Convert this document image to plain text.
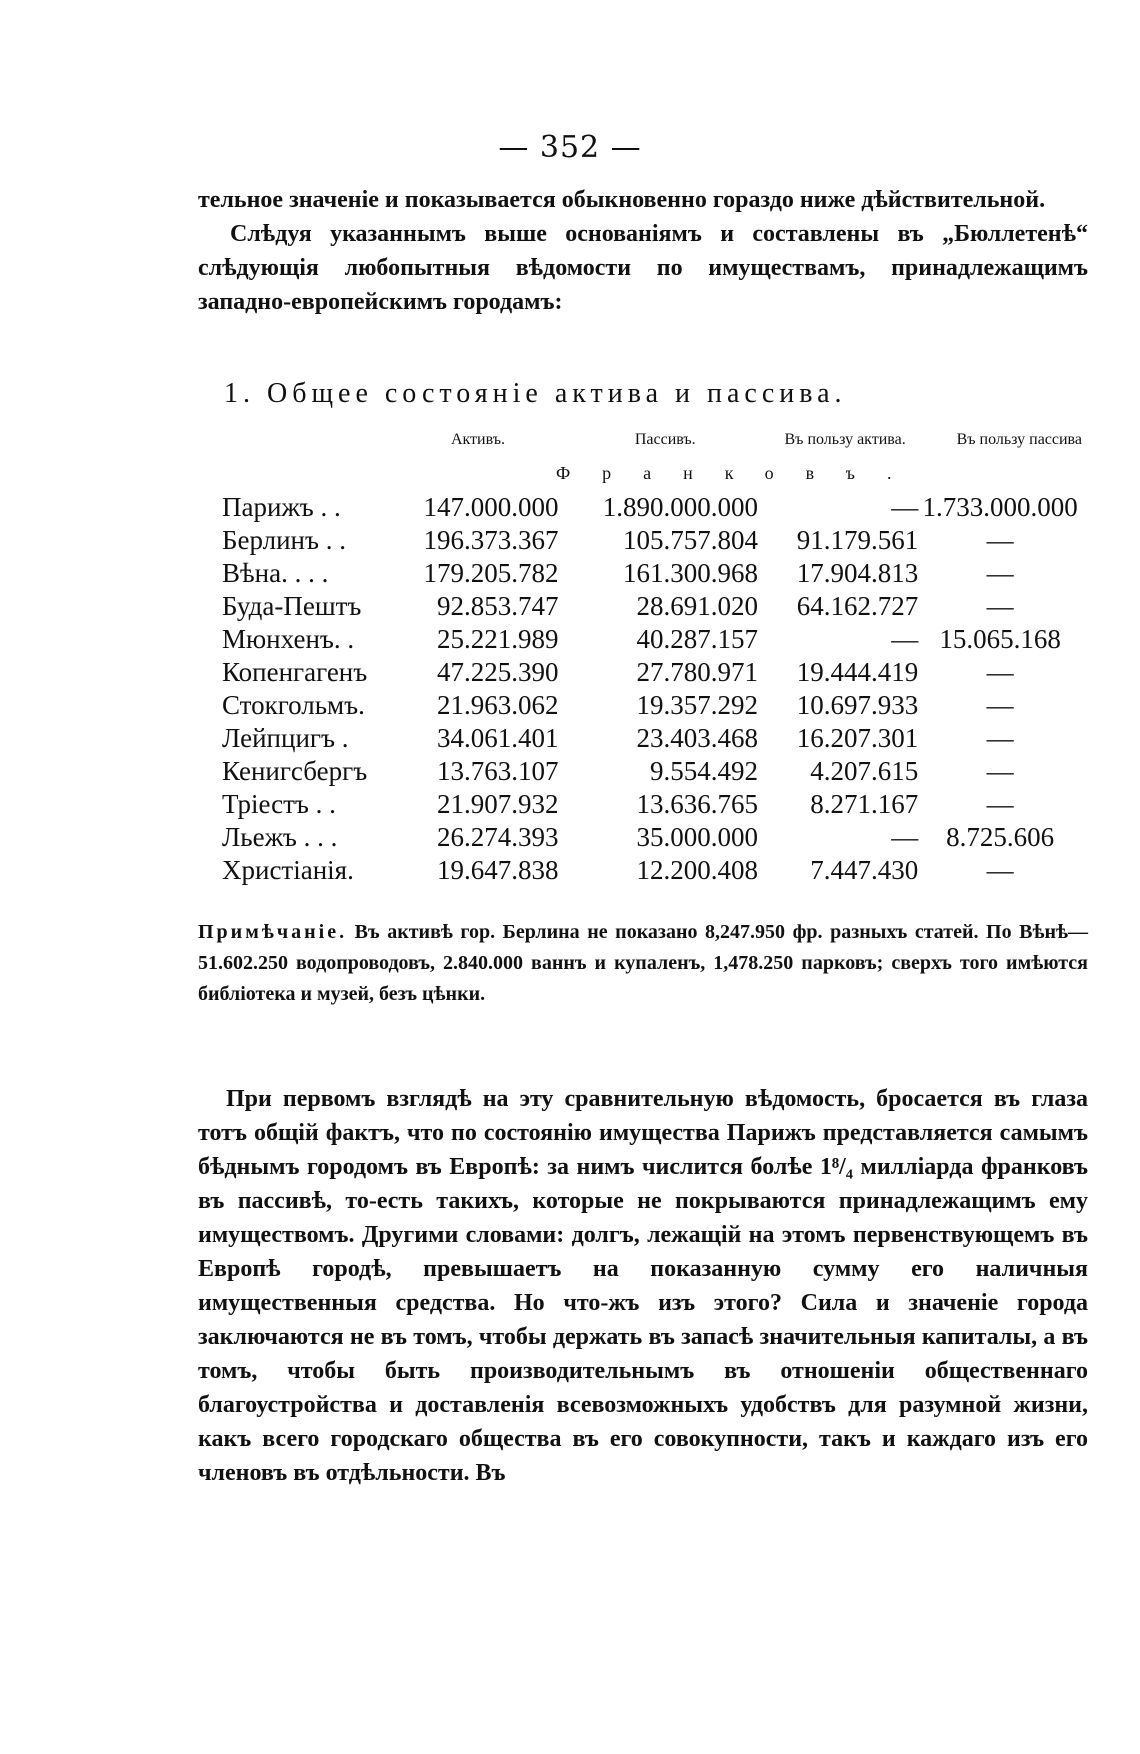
— 352 —

тельное значеніе и показывается обыкновенно гораздо ниже дѣйствительной.

Слѣдуя указаннымъ выше основаніямъ и составлены въ „Бюллетенѣ“ слѣдующія любопытныя вѣдомости по имуществамъ, принадлежащимъ западно-европейскимъ городамъ:

1. Общее состояніе актива и пассива.
	Активъ.	Пассивъ.	Въ пользу актива.	Въ пользу пассива
	Франковъ.			
Парижъ . .	147.000.000	1.890.000.000	—	1.733.000.000
Берлинъ . .	196.373.367	105.757.804	91.179.561	—
Вѣна. . . .	179.205.782	161.300.968	17.904.813	—
Буда-Пештъ	92.853.747	28.691.020	64.162.727	—
Мюнхенъ. .	25.221.989	40.287.157	—	15.065.168
Копенгагенъ	47.225.390	27.780.971	19.444.419	—
Стокгольмъ.	21.963.062	19.357.292	10.697.933	—
Лейпцигъ .	34.061.401	23.403.468	16.207.301	—
Кенигсбергъ	13.763.107	9.554.492	4.207.615	—
Тріестъ . .	21.907.932	13.636.765	8.271.167	—
Льежъ . . .	26.274.393	35.000.000	—	8.725.606
Христіанія.	19.647.838	12.200.408	7.447.430	—
Примѣчаніе. Въ активѣ гор. Берлина не показано 8,247.950 фр. разныхъ статей. По Вѣнѣ—51.602.250 водопроводовъ, 2.840.000 ваннъ и купаленъ, 1,478.250 парковъ; сверхъ того имѣются библіотека и музей, безъ цѣнки.

При первомъ взглядѣ на эту сравнительную вѣдомость, бросается въ глаза тотъ общій фактъ, что по состоянію имущества Парижъ представляется самымъ бѣднымъ городомъ въ Европѣ: за нимъ числится болѣе 1⁸/₄ милліарда франковъ въ пассивѣ, то-есть такихъ, которые не покрываются принадлежащимъ ему имуществомъ. Другими словами: долгъ, лежащій на этомъ первенствующемъ въ Европѣ городѣ, превышаетъ на показанную сумму его наличныя имущественныя средства. Но что-жъ изъ этого? Сила и значеніе города заключаются не въ томъ, чтобы держать въ запасѣ значительныя капиталы, а въ томъ, чтобы быть производительнымъ въ отношеніи общественнаго благоустройства и доставленія всевозможныхъ удобствъ для разумной жизни, какъ всего городскаго общества въ его совокупности, такъ и каждаго изъ его членовъ въ отдѣльности. Въ
